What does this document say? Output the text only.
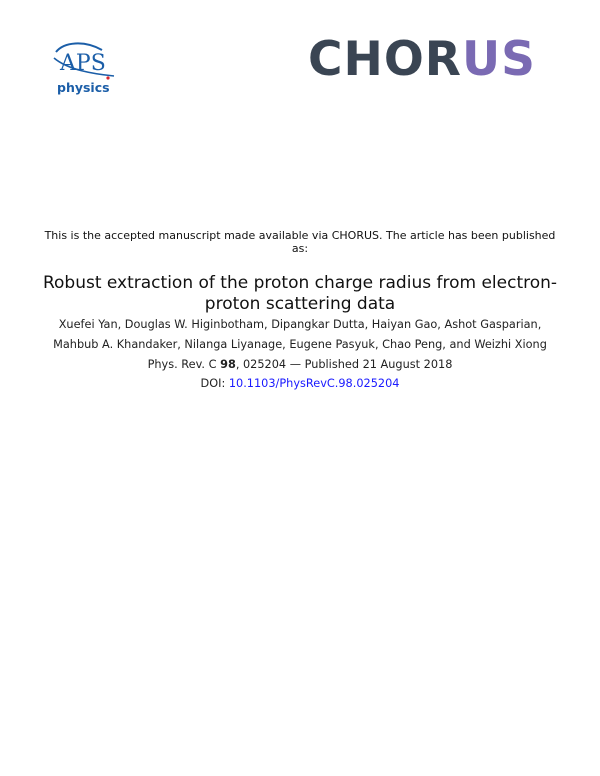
APS
physics
CHORUS

This is the accepted manuscript made available via CHORUS. The article has been published as:

Robust extraction of the proton charge radius from electron-proton scattering data

Xuefei Yan, Douglas W. Higinbotham, Dipangkar Dutta, Haiyan Gao, Ashot Gasparian, Mahbub A. Khandaker, Nilanga Liyanage, Eugene Pasyuk, Chao Peng, and Weizhi Xiong

Phys. Rev. C 98, 025204 — Published 21 August 2018

DOI: 10.1103/PhysRevC.98.025204
